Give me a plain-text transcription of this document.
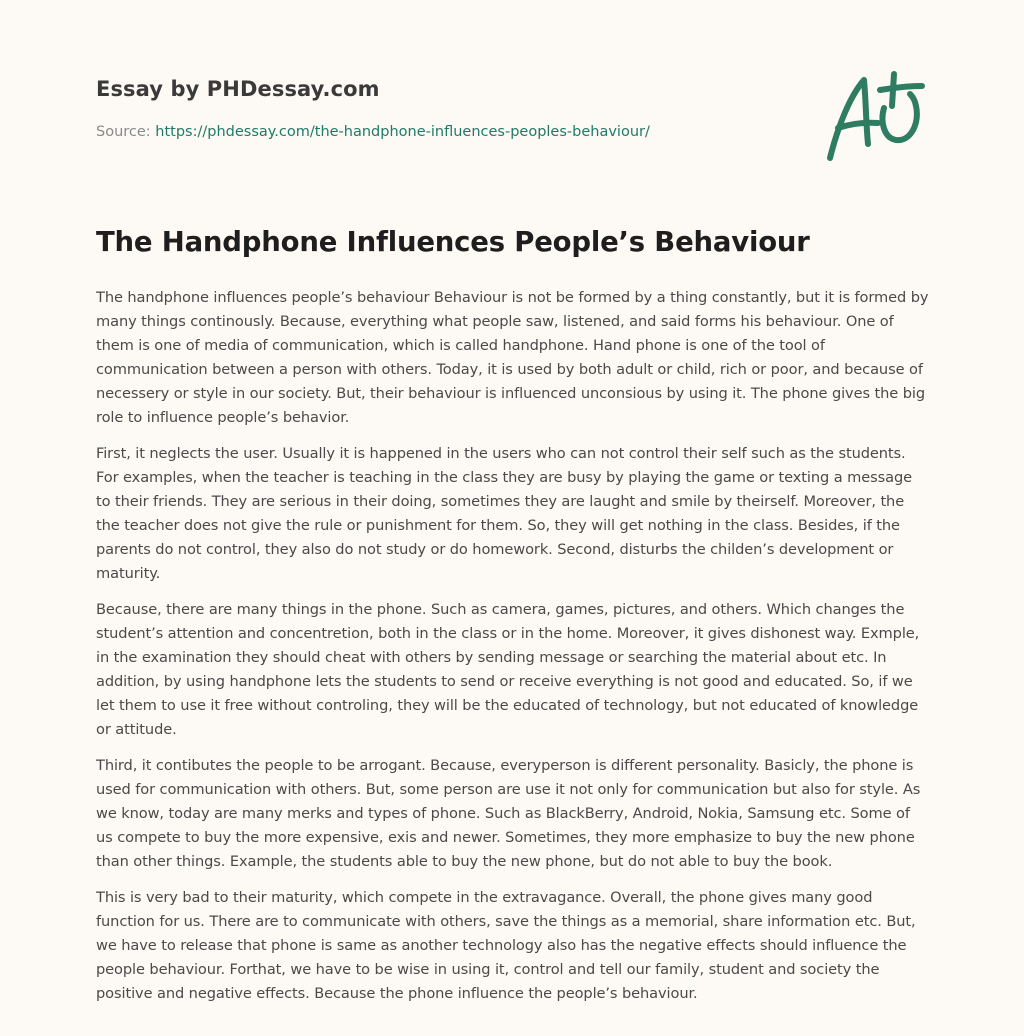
Essay by PHDessay.com
Source: https://phdessay.com/the-handphone-influences-peoples-behaviour/
The Handphone Influences People’s Behaviour

The handphone influences people’s behaviour Behaviour is not be formed by a thing constantly, but it is formed by many things continously. Because, everything what people saw, listened, and said forms his behaviour. One of them is one of media of communication, which is called handphone. Hand phone is one of the tool of communication between a person with others. Today, it is used by both adult or child, rich or poor, and because of necessery or style in our society. But, their behaviour is influenced unconsious by using it. The phone gives the big role to influence people’s behavior.

First, it neglects the user. Usually it is happened in the users who can not control their self such as the students. For examples, when the teacher is teaching in the class they are busy by playing the game or texting a message to their friends. They are serious in their doing, sometimes they are laught and smile by theirself. Moreover, the the teacher does not give the rule or punishment for them. So, they will get nothing in the class. Besides, if the parents do not control, they also do not study or do homework. Second, disturbs the childen’s development or maturity.

Because, there are many things in the phone. Such as camera, games, pictures, and others. Which changes the student’s attention and concentretion, both in the class or in the home. Moreover, it gives dishonest way. Exmple, in the examination they should cheat with others by sending message or searching the material about etc. In addition, by using handphone lets the students to send or receive everything is not good and educated. So, if we let them to use it free without controling, they will be the educated of technology, but not educated of knowledge or attitude.

Third, it contibutes the people to be arrogant. Because, everyperson is different personality. Basicly, the phone is used for communication with others. But, some person are use it not only for communication but also for style. As we know, today are many merks and types of phone. Such as BlackBerry, Android, Nokia, Samsung etc. Some of us compete to buy the more expensive, exis and newer. Sometimes, they more emphasize to buy the new phone than other things. Example, the students able to buy the new phone, but do not able to buy the book.

This is very bad to their maturity, which compete in the extravagance. Overall, the phone gives many good function for us. There are to communicate with others, save the things as a memorial, share information etc. But, we have to release that phone is same as another technology also has the negative effects should influence the people behaviour. Forthat, we have to be wise in using it, control and tell our family, student and society the positive and negative effects. Because the phone influence the people’s behaviour.
